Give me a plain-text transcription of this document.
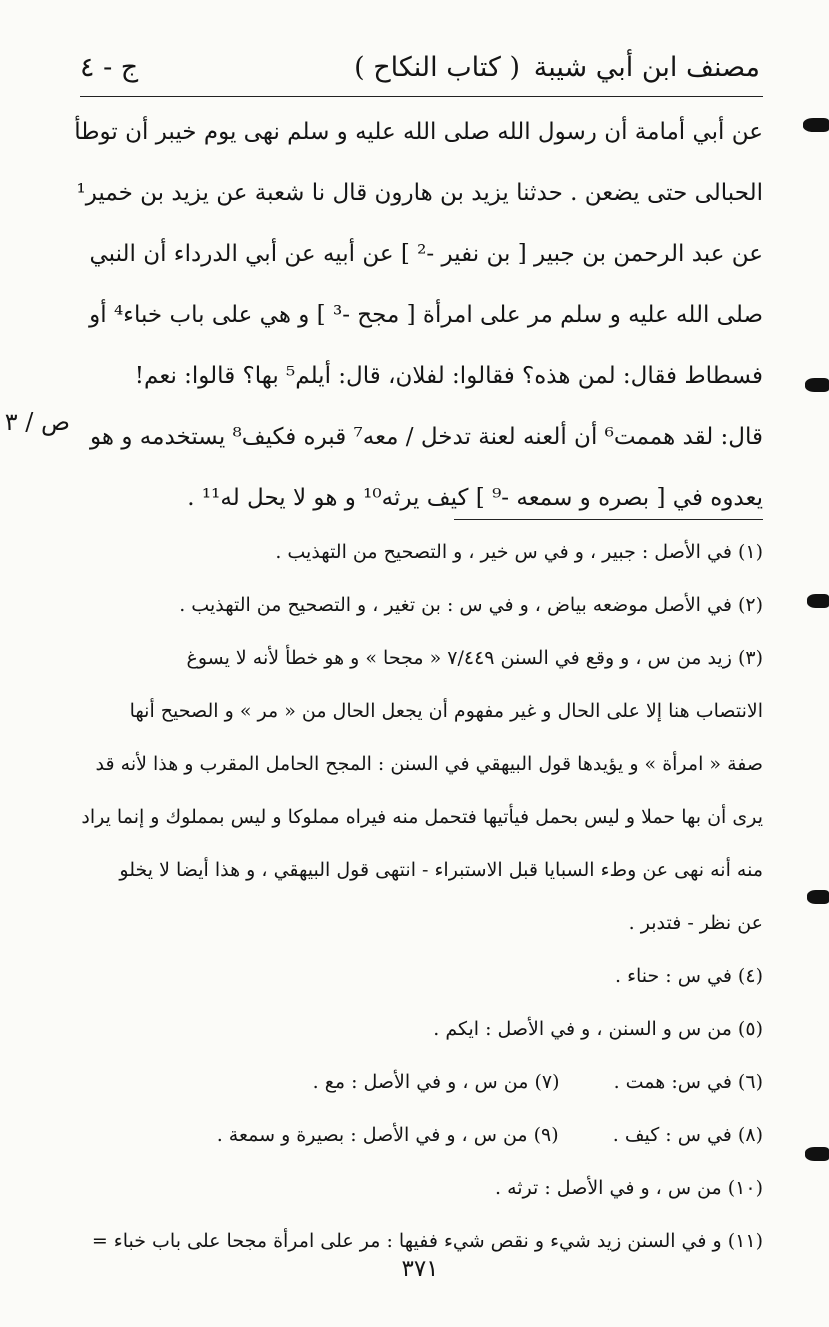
مصنف ابن أبي شيبة
( كتاب النكاح )
ج - ٤
عن أبي أمامة أن رسول الله صلى الله عليه و سلم نهى يوم خيبر أن توطأ
الحبالى حتى يضعن . حدثنا يزيد بن هارون قال نا شعبة عن يزيد بن خمير¹
عن عبد الرحمن بن جبير [ بن نفير -² ] عن أبيه عن أبي الدرداء أن النبي
صلى الله عليه و سلم مر على امرأة [ مجح -³ ] و هي على باب خباء⁴ أو
فسطاط فقال: لمن هذه؟ فقالوا: لفلان، قال: أيلم⁵ بها؟ قالوا: نعم!
قال: لقد هممت⁶ أن ألعنه لعنة تدخل / معه⁷ قبره فكيف⁸ يستخدمه و هو
يعدوه في [ بصره و سمعه -⁹ ] كيف يرثه¹⁰ و هو لا يحل له¹¹ .
ص / ٣
(١) في الأصل : جبير ، و في س خير ، و التصحيح من التهذيب .
(٢) في الأصل موضعه بياض ، و في س : بن تغير ، و التصحيح من التهذيب .
(٣) زيد من س ، و وقع في السنن ٧/٤٤٩ « مجحا » و هو خطأ لأنه لا يسوغ
الانتصاب هنا إلا على الحال و غير مفهوم أن يجعل الحال من « مر » و الصحيح أنها
صفة « امرأة » و يؤيدها قول البيهقي في السنن : المجح الحامل المقرب و هذا لأنه قد
يرى أن بها حملا و ليس بحمل فيأتيها فتحمل منه فيراه مملوكا و ليس بمملوك و إنما يراد
منه أنه نهى عن وطء السبايا قبل الاستبراء - انتهى قول البيهقي ، و هذا أيضا لا يخلو
عن نظر - فتدبر .
(٤) في س : حناء .
(٥) من س و السنن ، و في الأصل : ايكم .
(٦) في س: همت . (٧) من س ، و في الأصل : مع .
(٨) في س : كيف . (٩) من س ، و في الأصل : بصيرة و سمعة .
(١٠) من س ، و في الأصل : ترثه .
(١١) و في السنن زيد شيء و نقص شيء ففيها : مر على امرأة مجحا على باب خباء =
٣٧١
